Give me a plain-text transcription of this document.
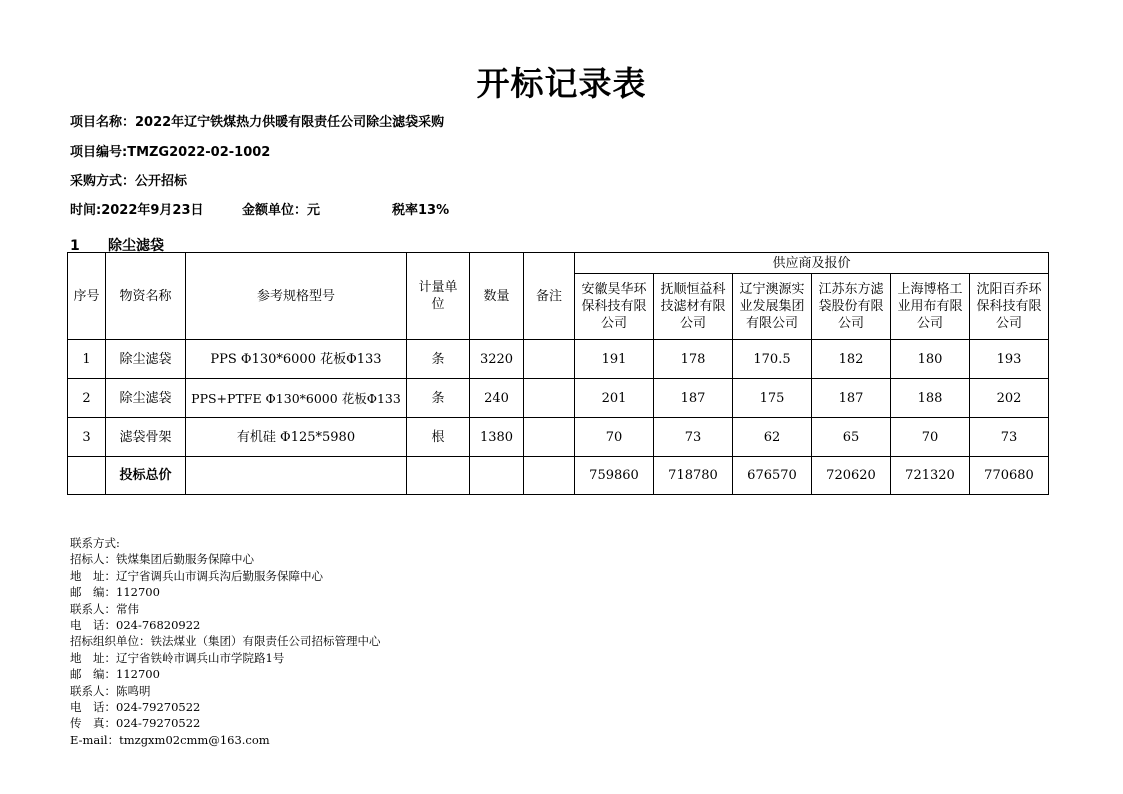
开标记录表
项目名称：2022年辽宁铁煤热力供暖有限责任公司除尘滤袋采购
项目编号:TMZG2022-02-1002
采购方式：公开招标
时间:2022年9月23日	金额单位：元	税率13%
1 除尘滤袋
序号	物资名称	参考规格型号	计量单位	数量	备注	供应商及报价					
						安徽昊华环保科技有限公司	抚顺恒益科技滤材有限公司	辽宁澳源实业发展集团有限公司	江苏东方滤袋股份有限公司	上海博格工业用布有限公司	沈阳百乔环保科技有限公司
1	除尘滤袋	PPS Φ130*6000 花板Φ133	条	3220		191	178	170.5	182	180	193
2	除尘滤袋	PPS+PTFE Φ130*6000 花板Φ133	条	240		201	187	175	187	188	202
3	滤袋骨架	有机硅 Φ125*5980	根	1380		70	73	62	65	70	73
	投标总价					759860	718780	676570	720620	721320	770680
联系方式:
招标人：铁煤集团后勤服务保障中心
地　址：辽宁省调兵山市调兵沟后勤服务保障中心
邮　编：112700
联系人：常伟
电　话：024-76820922
招标组织单位：铁法煤业（集团）有限责任公司招标管理中心
地　址：辽宁省铁岭市调兵山市学院路1号
邮　编：112700
联系人：陈鸣明
电　话：024-79270522
传　真：024-79270522
E-mail：tmzgxm02cmm@163.com
